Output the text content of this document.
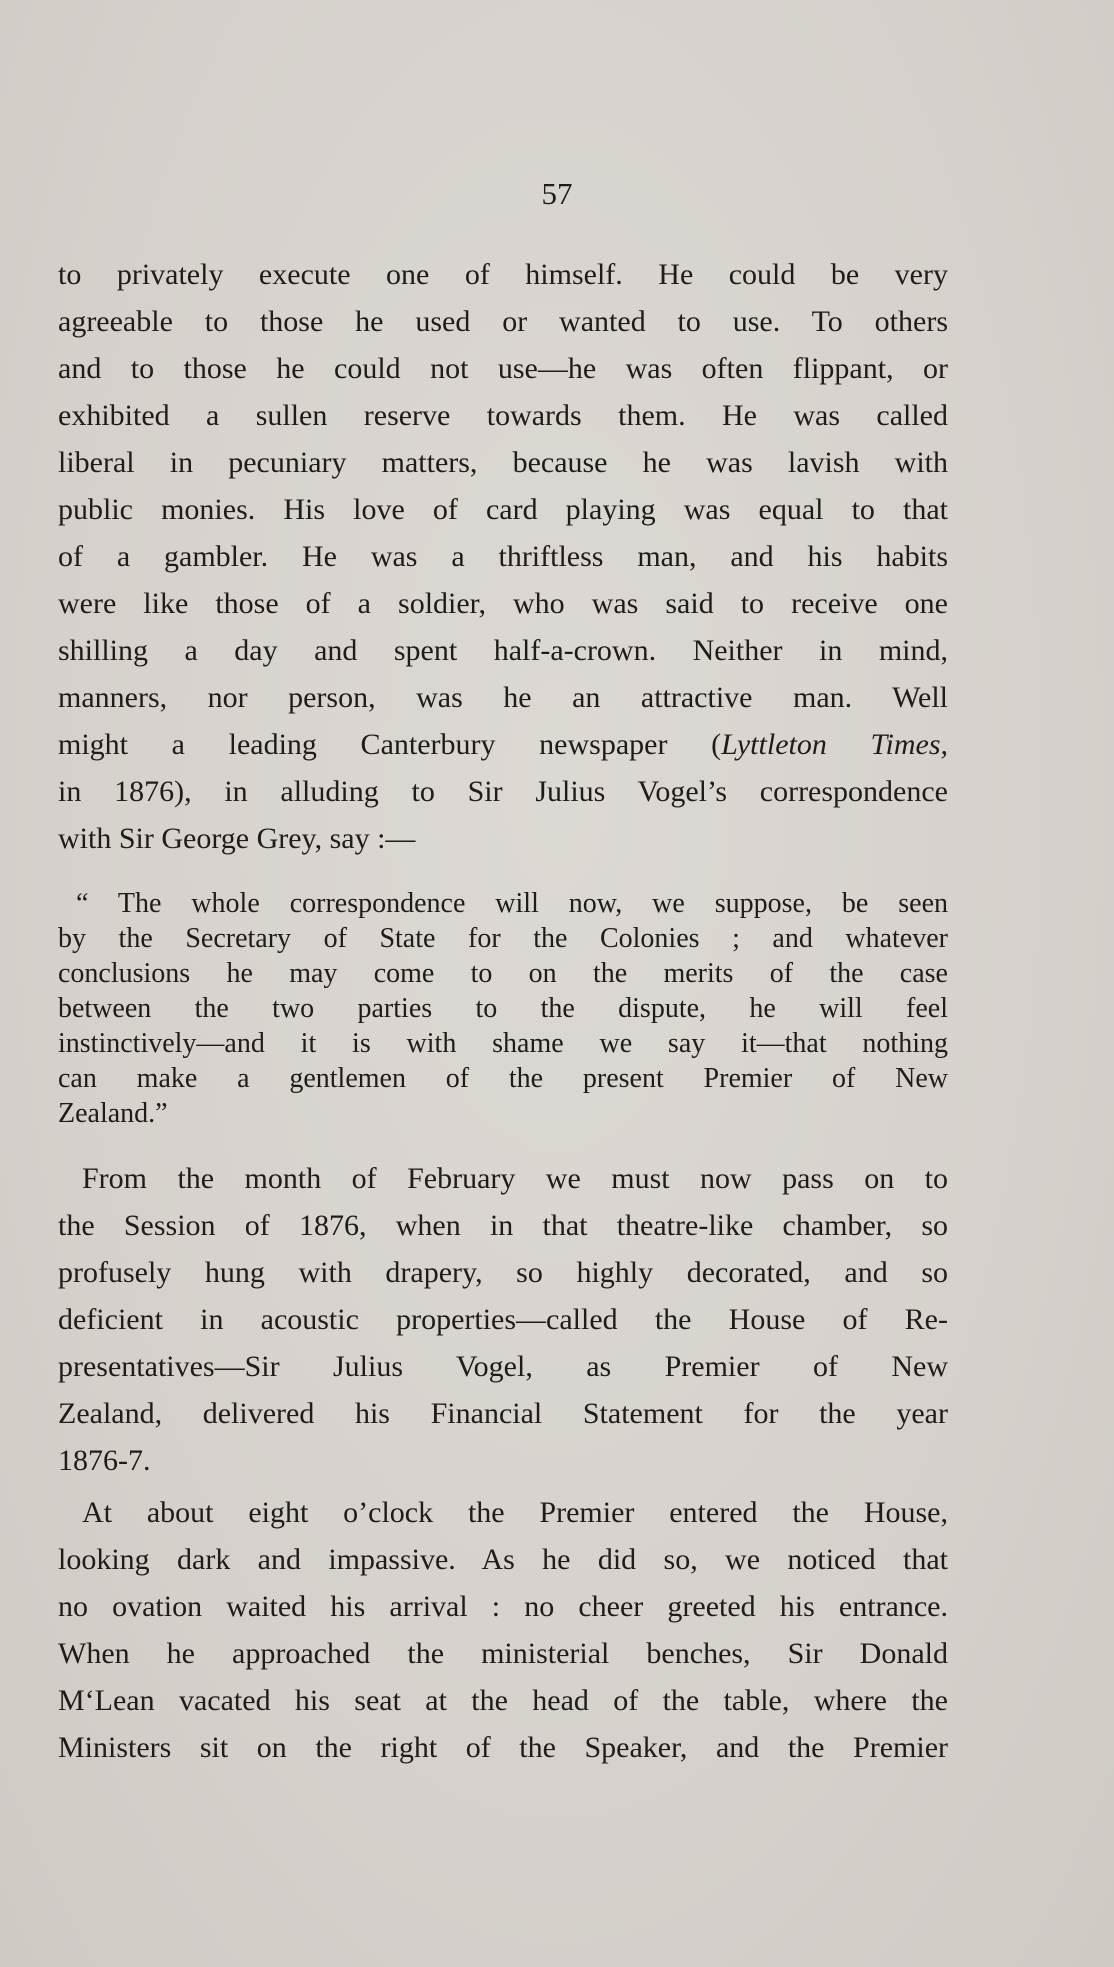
57
to privately execute one of himself. He could be very
agreeable to those he used or wanted to use. To others
and to those he could not use—he was often flippant, or
exhibited a sullen reserve towards them. He was called
liberal in pecuniary matters, because he was lavish with
public monies. His love of card playing was equal to that
of a gambler. He was a thriftless man, and his habits
were like those of a soldier, who was said to receive one
shilling a day and spent half-a-crown. Neither in mind,
manners, nor person, was he an attractive man. Well
might a leading Canterbury newspaper (Lyttleton Times,
in 1876), in alluding to Sir Julius Vogel’s correspondence
with Sir George Grey, say :—
“ The whole correspondence will now, we suppose, be seen
by the Secretary of State for the Colonies ; and whatever
conclusions he may come to on the merits of the case
between the two parties to the dispute, he will feel
instinctively—and it is with shame we say it—that nothing
can make a gentlemen of the present Premier of New
Zealand.”
From the month of February we must now pass on to
the Session of 1876, when in that theatre-like chamber, so
profusely hung with drapery, so highly decorated, and so
deficient in acoustic properties—called the House of Re-
presentatives—Sir Julius Vogel, as Premier of New
Zealand, delivered his Financial Statement for the year
1876-7.
At about eight o’clock the Premier entered the House,
looking dark and impassive. As he did so, we noticed that
no ovation waited his arrival : no cheer greeted his entrance.
When he approached the ministerial benches, Sir Donald
M‘Lean vacated his seat at the head of the table, where the
Ministers sit on the right of the Speaker, and the Premier
